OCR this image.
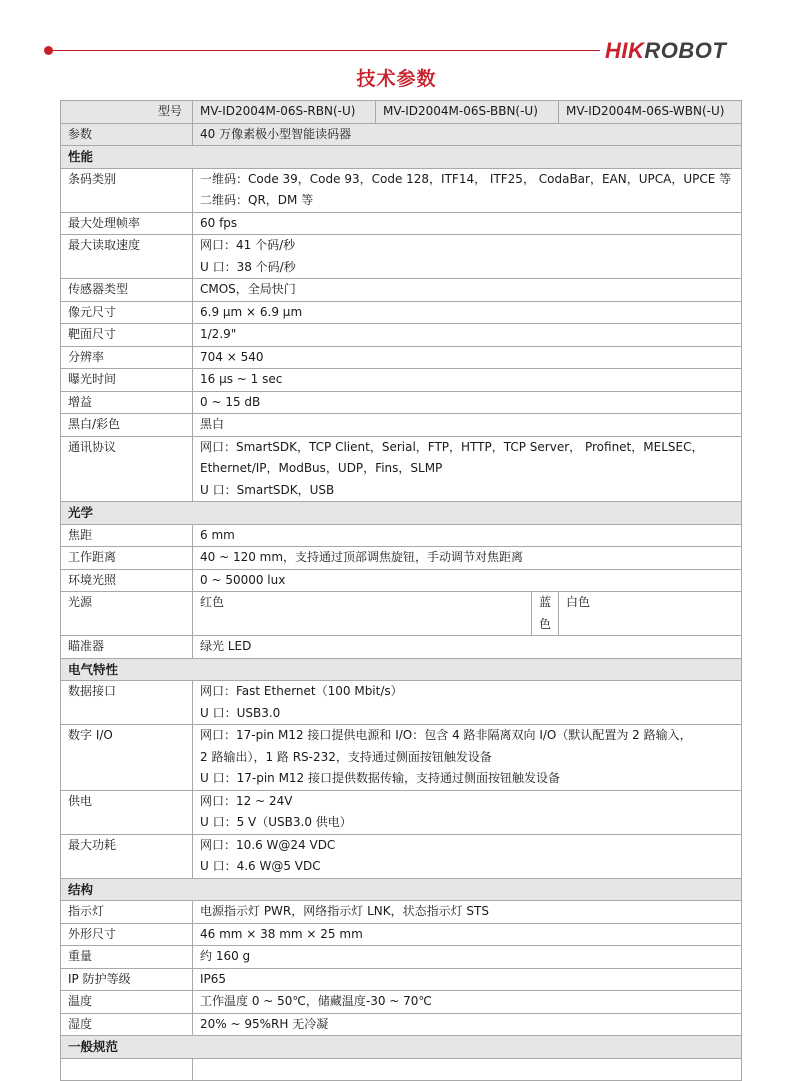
HIKROBOT
技术参数
型号	MV-ID2004M-06S-RBN(-U)	MV-ID2004M-06S-BBN(-U)		MV-ID2004M-06S-WBN(-U)
参数	40 万像素极小型智能读码器			
性能				
条码类别	一维码：Code 39，Code 93，Code 128，ITF14， ITF25， CodaBar，EAN，UPCA，UPCE 等
二维码：QR，DM 等			

最大处理帧率	60 fps			
最大读取速度	网口：41 个码/秒
U 口：38 个码/秒			

传感器类型	CMOS，全局快门			
像元尺寸	6.9 μm × 6.9 μm			
靶面尺寸	1/2.9"			
分辨率	704 × 540			
曝光时间	16 μs ~ 1 sec			
增益	0 ~ 15 dB			
黑白/彩色	黑白			
通讯协议	网口：SmartSDK，TCP Client，Serial，FTP，HTTP，TCP Server， Profinet，MELSEC，
Ethernet/IP，ModBus，UDP，Fins，SLMP
U 口：SmartSDK，USB			

光学				
焦距	6 mm			
工作距离	40 ~ 120 mm，支持通过顶部调焦旋钮，手动调节对焦距离			
环境光照	0 ~ 50000 lux			
光源	红色		蓝色	白色
瞄准器	绿光 LED			
电气特性				
数据接口	网口：Fast Ethernet（100 Mbit/s）
U 口：USB3.0			

数字 I/O	网口：17-pin M12 接口提供电源和 I/O：包含 4 路非隔离双向 I/O（默认配置为 2 路输入，
2 路输出），1 路 RS-232，支持通过侧面按钮触发设备
U 口：17-pin M12 接口提供数据传输，支持通过侧面按钮触发设备			

供电	网口：12 ~ 24V
U 口：5 V（USB3.0 供电）			

最大功耗	网口：10.6 W@24 VDC
U 口：4.6 W@5 VDC			

结构				
指示灯	电源指示灯 PWR，网络指示灯 LNK，状态指示灯 STS			
外形尺寸	46 mm × 38 mm × 25 mm			
重量	约 160 g			
IP 防护等级	IP65			
温度	工作温度 0 ~ 50℃，储藏温度-30 ~ 70℃			
湿度	20% ~ 95%RH 无冷凝			
一般规范				
